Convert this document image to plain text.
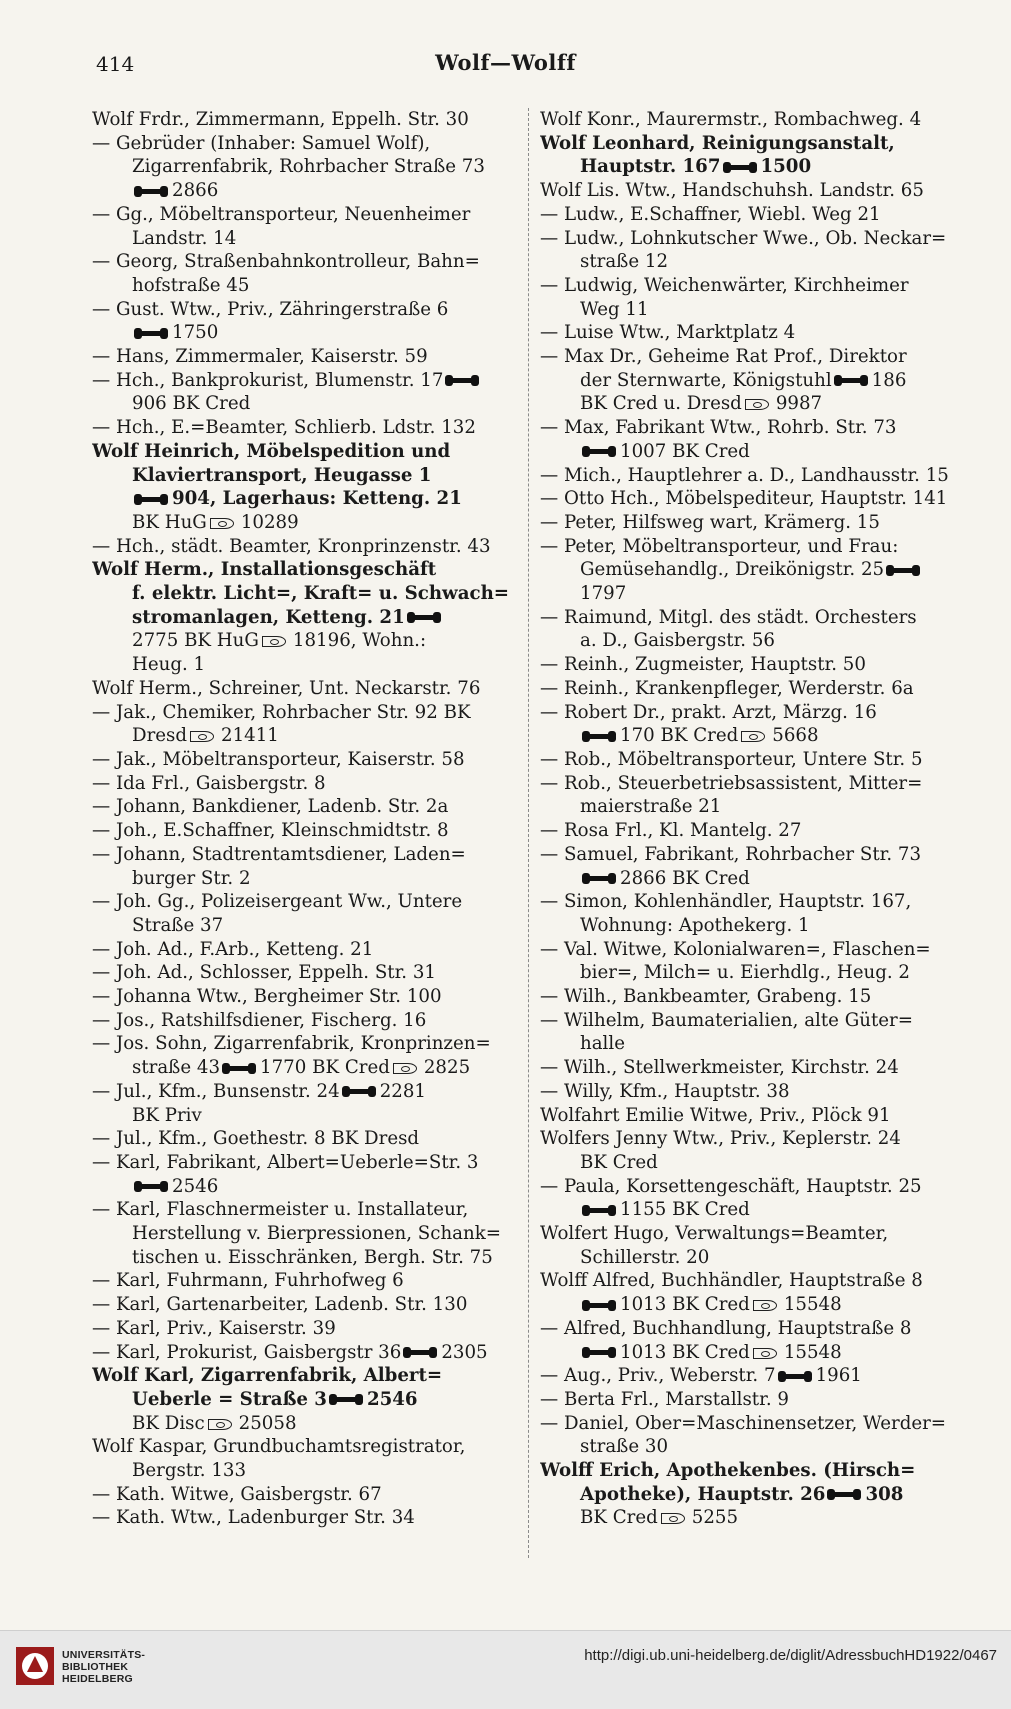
414	Wolf—Wolff
Wolf Frdr., Zimmermann, Eppelh. Str. 30
— Gebrüder (Inhaber: Samuel Wolf),
Zigarrenfabrik, Rohrbacher Straße 73
2866
— Gg., Möbeltransporteur, Neuenheimer
Landstr. 14
— Georg, Straßenbahnkontrolleur, Bahn=
hofstraße 45
— Gust. Wtw., Priv., Zähringerstraße 6
1750
— Hans, Zimmermaler, Kaiserstr. 59
— Hch., Bankprokurist, Blumenstr. 17
906 BK Cred
— Hch., E.=Beamter, Schlierb. Ldstr. 132
Wolf Heinrich, Möbelspedition und
Klaviertransport, Heugasse 1
904, Lagerhaus: Ketteng. 21
BK HuG 10289
— Hch., städt. Beamter, Kronprinzenstr. 43
Wolf Herm., Installationsgeschäft
f. elektr. Licht=, Kraft= u. Schwach=
stromanlagen, Ketteng. 21
2775 BK HuG 18196, Wohn.:
Heug. 1
Wolf Herm., Schreiner, Unt. Neckarstr. 76
— Jak., Chemiker, Rohrbacher Str. 92 BK
Dresd 21411
— Jak., Möbeltransporteur, Kaiserstr. 58
— Ida Frl., Gaisbergstr. 8
— Johann, Bankdiener, Ladenb. Str. 2a
— Joh., E.Schaffner, Kleinschmidtstr. 8
— Johann, Stadtrentamtsdiener, Laden=
burger Str. 2
— Joh. Gg., Polizeisergeant Ww., Untere
Straße 37
— Joh. Ad., F.Arb., Ketteng. 21
— Joh. Ad., Schlosser, Eppelh. Str. 31
— Johanna Wtw., Bergheimer Str. 100
— Jos., Ratshilfsdiener, Fischerg. 16
— Jos. Sohn, Zigarrenfabrik, Kronprinzen=
straße 43 1770 BK Cred 2825
— Jul., Kfm., Bunsenstr. 24 2281
BK Priv
— Jul., Kfm., Goethestr. 8 BK Dresd
— Karl, Fabrikant, Albert=Ueberle=Str. 3
2546
— Karl, Flaschnermeister u. Installateur,
Herstellung v. Bierpressionen, Schank=
tischen u. Eisschränken, Bergh. Str. 75
— Karl, Fuhrmann, Fuhrhofweg 6
— Karl, Gartenarbeiter, Ladenb. Str. 130
— Karl, Priv., Kaiserstr. 39
— Karl, Prokurist, Gaisbergstr 36 2305
Wolf Karl, Zigarrenfabrik, Albert=
Ueberle = Straße 3 2546
BK Disc 25058
Wolf Kaspar, Grundbuchamtsregistrator,
Bergstr. 133
— Kath. Witwe, Gaisbergstr. 67
— Kath. Wtw., Ladenburger Str. 34
Wolf Konr., Maurermstr., Rombachweg. 4
Wolf Leonhard, Reinigungsanstalt,
Hauptstr. 167 1500
Wolf Lis. Wtw., Handschuhsh. Landstr. 65
— Ludw., E.Schaffner, Wiebl. Weg 21
— Ludw., Lohnkutscher Wwe., Ob. Neckar=
straße 12
— Ludwig, Weichenwärter, Kirchheimer
Weg 11
— Luise Wtw., Marktplatz 4
— Max Dr., Geheime Rat Prof., Direktor
der Sternwarte, Königstuhl 186
BK Cred u. Dresd 9987
— Max, Fabrikant Wtw., Rohrb. Str. 73
1007 BK Cred
— Mich., Hauptlehrer a. D., Landhausstr. 15
— Otto Hch., Möbelspediteur, Hauptstr. 141
— Peter, Hilfsweg wart, Krämerg. 15
— Peter, Möbeltransporteur, und Frau:
Gemüsehandlg., Dreikönigstr. 25
1797
— Raimund, Mitgl. des städt. Orchesters
a. D., Gaisbergstr. 56
— Reinh., Zugmeister, Hauptstr. 50
— Reinh., Krankenpfleger, Werderstr. 6a
— Robert Dr., prakt. Arzt, Märzg. 16
170 BK Cred 5668
— Rob., Möbeltransporteur, Untere Str. 5
— Rob., Steuerbetriebsassistent, Mitter=
maierstraße 21
— Rosa Frl., Kl. Mantelg. 27
— Samuel, Fabrikant, Rohrbacher Str. 73
2866 BK Cred
— Simon, Kohlenhändler, Hauptstr. 167,
Wohnung: Apothekerg. 1
— Val. Witwe, Kolonialwaren=, Flaschen=
bier=, Milch= u. Eierhdlg., Heug. 2
— Wilh., Bankbeamter, Grabeng. 15
— Wilhelm, Baumaterialien, alte Güter=
halle
— Wilh., Stellwerkmeister, Kirchstr. 24
— Willy, Kfm., Hauptstr. 38
Wolfahrt Emilie Witwe, Priv., Plöck 91
Wolfers Jenny Wtw., Priv., Keplerstr. 24
BK Cred
— Paula, Korsettengeschäft, Hauptstr. 25
1155 BK Cred
Wolfert Hugo, Verwaltungs=Beamter,
Schillerstr. 20
Wolff Alfred, Buchhändler, Hauptstraße 8
1013 BK Cred 15548
— Alfred, Buchhandlung, Hauptstraße 8
1013 BK Cred 15548
— Aug., Priv., Weberstr. 7 1961
— Berta Frl., Marstallstr. 9
— Daniel, Ober=Maschinensetzer, Werder=
straße 30
Wolff Erich, Apothekenbes. (Hirsch=
Apotheke), Hauptstr. 26 308
BK Cred 5255
UNIVERSITÄTS-
BIBLIOTHEK
HEIDELBERG
http://digi.ub.uni-heidelberg.de/diglit/AdressbuchHD1922/0467
